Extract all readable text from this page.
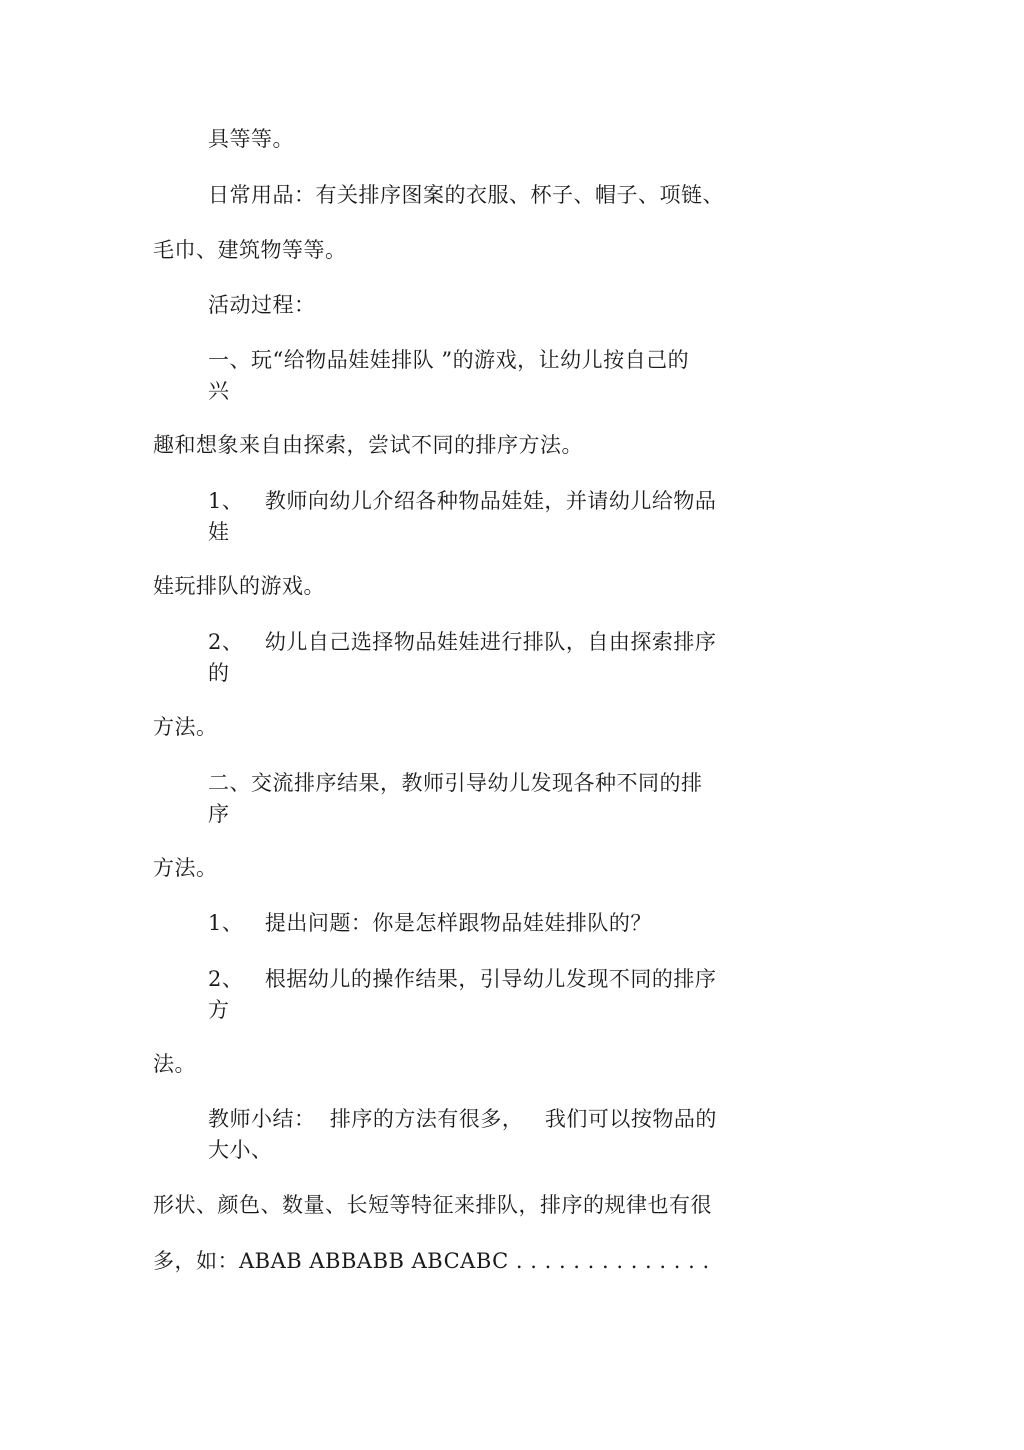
具等等。
日常用品：有关排序图案的衣服、杯子、帽子、项链、
毛巾、建筑物等等。
活动过程：
一、玩“给物品娃娃排队 ”的游戏，让幼儿按自己的
兴
趣和想象来自由探索，尝试不同的排序方法。
1、   教师向幼儿介绍各种物品娃娃，并请幼儿给物品
娃
娃玩排队的游戏。
2、   幼儿自己选择物品娃娃进行排队，自由探索排序
的
方法。
二、交流排序结果，教师引导幼儿发现各种不同的排
序
方法。
1、   提出问题：你是怎样跟物品娃娃排队的？
2、   根据幼儿的操作结果，引导幼儿发现不同的排序
方
法。
教师小结：  排序的方法有很多，   我们可以按物品的
大小、
形状、颜色、数量、长短等特征来排队，排序的规律也有很
多，如：ABAB ABBABB ABCABC . . . . . . . . . . . . . .
